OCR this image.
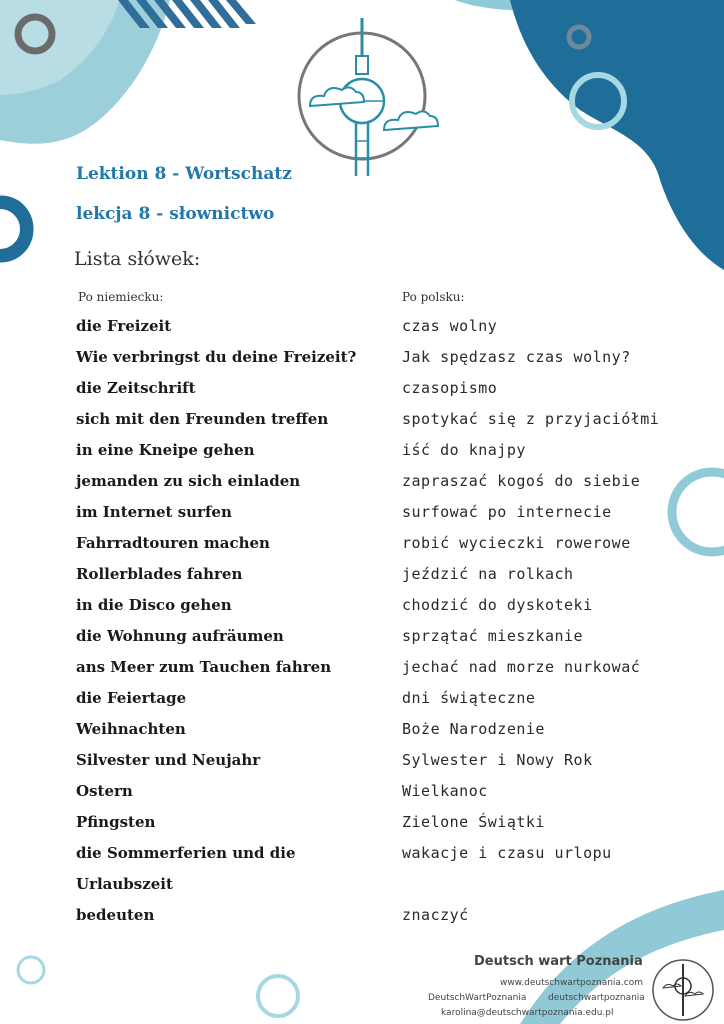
Lektion 8 - Wortschatz
lekcja 8 - słownictwo
Lista słówek:
Po niemiecku:	Po polsku:
die Freizeit	czas wolny
Wie verbringst du deine Freizeit?	Jak spędzasz czas wolny?
die Zeitschrift	czasopismo
sich mit den Freunden treffen	spotykać się z przyjaciółmi
in eine Kneipe gehen	iść do knajpy
jemanden zu sich einladen	zapraszać kogoś do siebie
im Internet surfen	surfować po internecie
Fahrradtouren machen	robić wycieczki rowerowe
Rollerblades fahren	jeździć na rolkach
in die Disco gehen	chodzić do dyskoteki
die Wohnung aufräumen	sprzątać mieszkanie
ans Meer zum Tauchen fahren	jechać nad morze nurkować
die Feiertage	dni świąteczne
Weihnachten	Boże Narodzenie
Silvester und Neujahr	Sylwester i Nowy Rok
Ostern	Wielkanoc
Pfingsten	Zielone Świątki
die Sommerferien und die	wakacje i czasu urlopu
Urlaubszeit
bedeuten	znaczyć
Deutsch wart Poznania
www.deutschwartpoznania.com
DeutschWartPoznania deutschwartpoznania
karolina@deutschwartpoznania.edu.pl
